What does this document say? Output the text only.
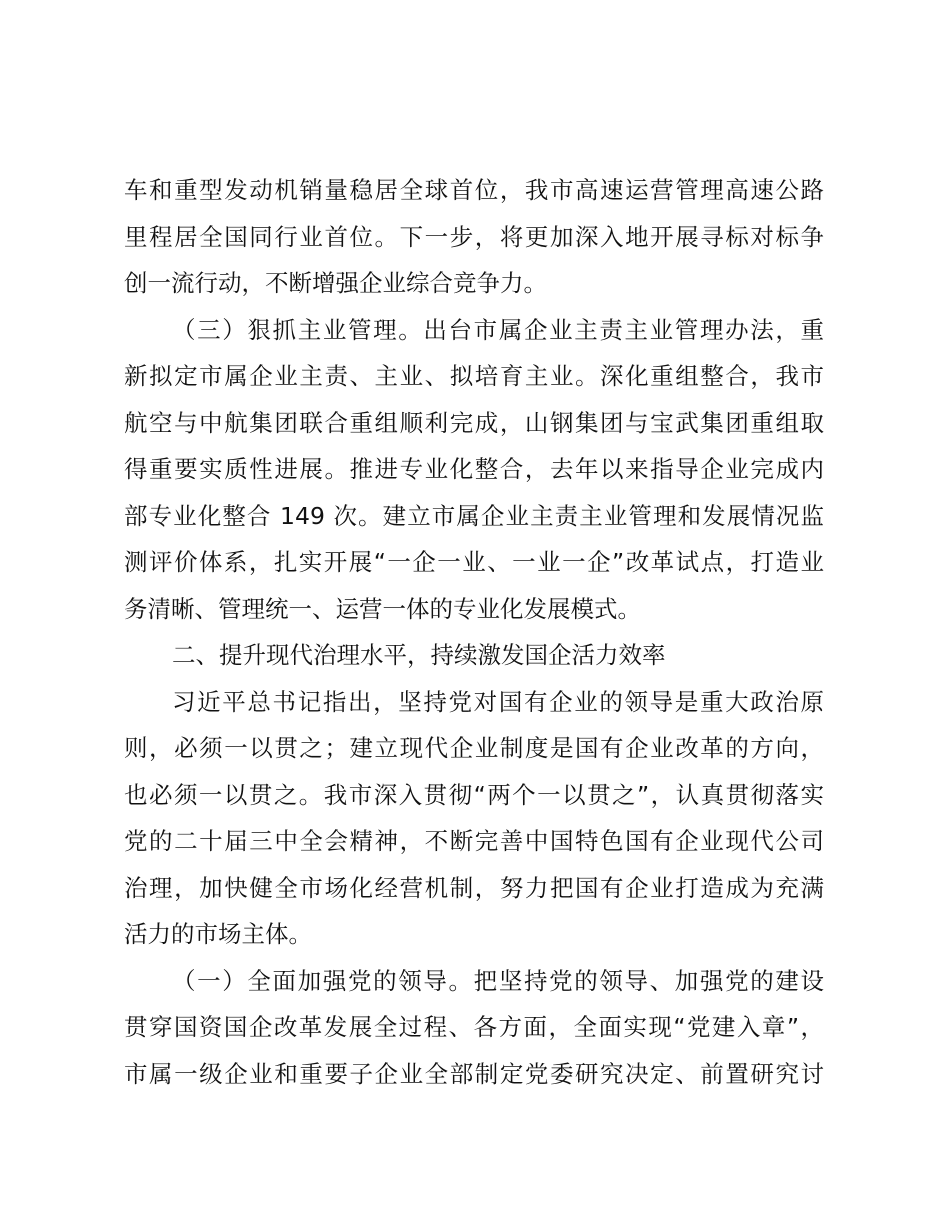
车和重型发动机销量稳居全球首位，我市高速运营管理高速公路
里程居全国同行业首位。下一步，将更加深入地开展寻标对标争
创一流行动，不断增强企业综合竞争力。
（三）狠抓主业管理。出台市属企业主责主业管理办法，重
新拟定市属企业主责、主业、拟培育主业。深化重组整合，我市
航空与中航集团联合重组顺利完成，山钢集团与宝武集团重组取
得重要实质性进展。推进专业化整合，去年以来指导企业完成内
部专业化整合 149 次。建立市属企业主责主业管理和发展情况监
测评价体系，扎实开展“一企一业、一业一企”改革试点，打造业
务清晰、管理统一、运营一体的专业化发展模式。
二、提升现代治理水平，持续激发国企活力效率
习近平总书记指出，坚持党对国有企业的领导是重大政治原
则，必须一以贯之；建立现代企业制度是国有企业改革的方向，
也必须一以贯之。我市深入贯彻“两个一以贯之”，认真贯彻落实
党的二十届三中全会精神，不断完善中国特色国有企业现代公司
治理，加快健全市场化经营机制，努力把国有企业打造成为充满
活力的市场主体。
（一）全面加强党的领导。把坚持党的领导、加强党的建设
贯穿国资国企改革发展全过程、各方面，全面实现“党建入章”，
市属一级企业和重要子企业全部制定党委研究决定、前置研究讨
